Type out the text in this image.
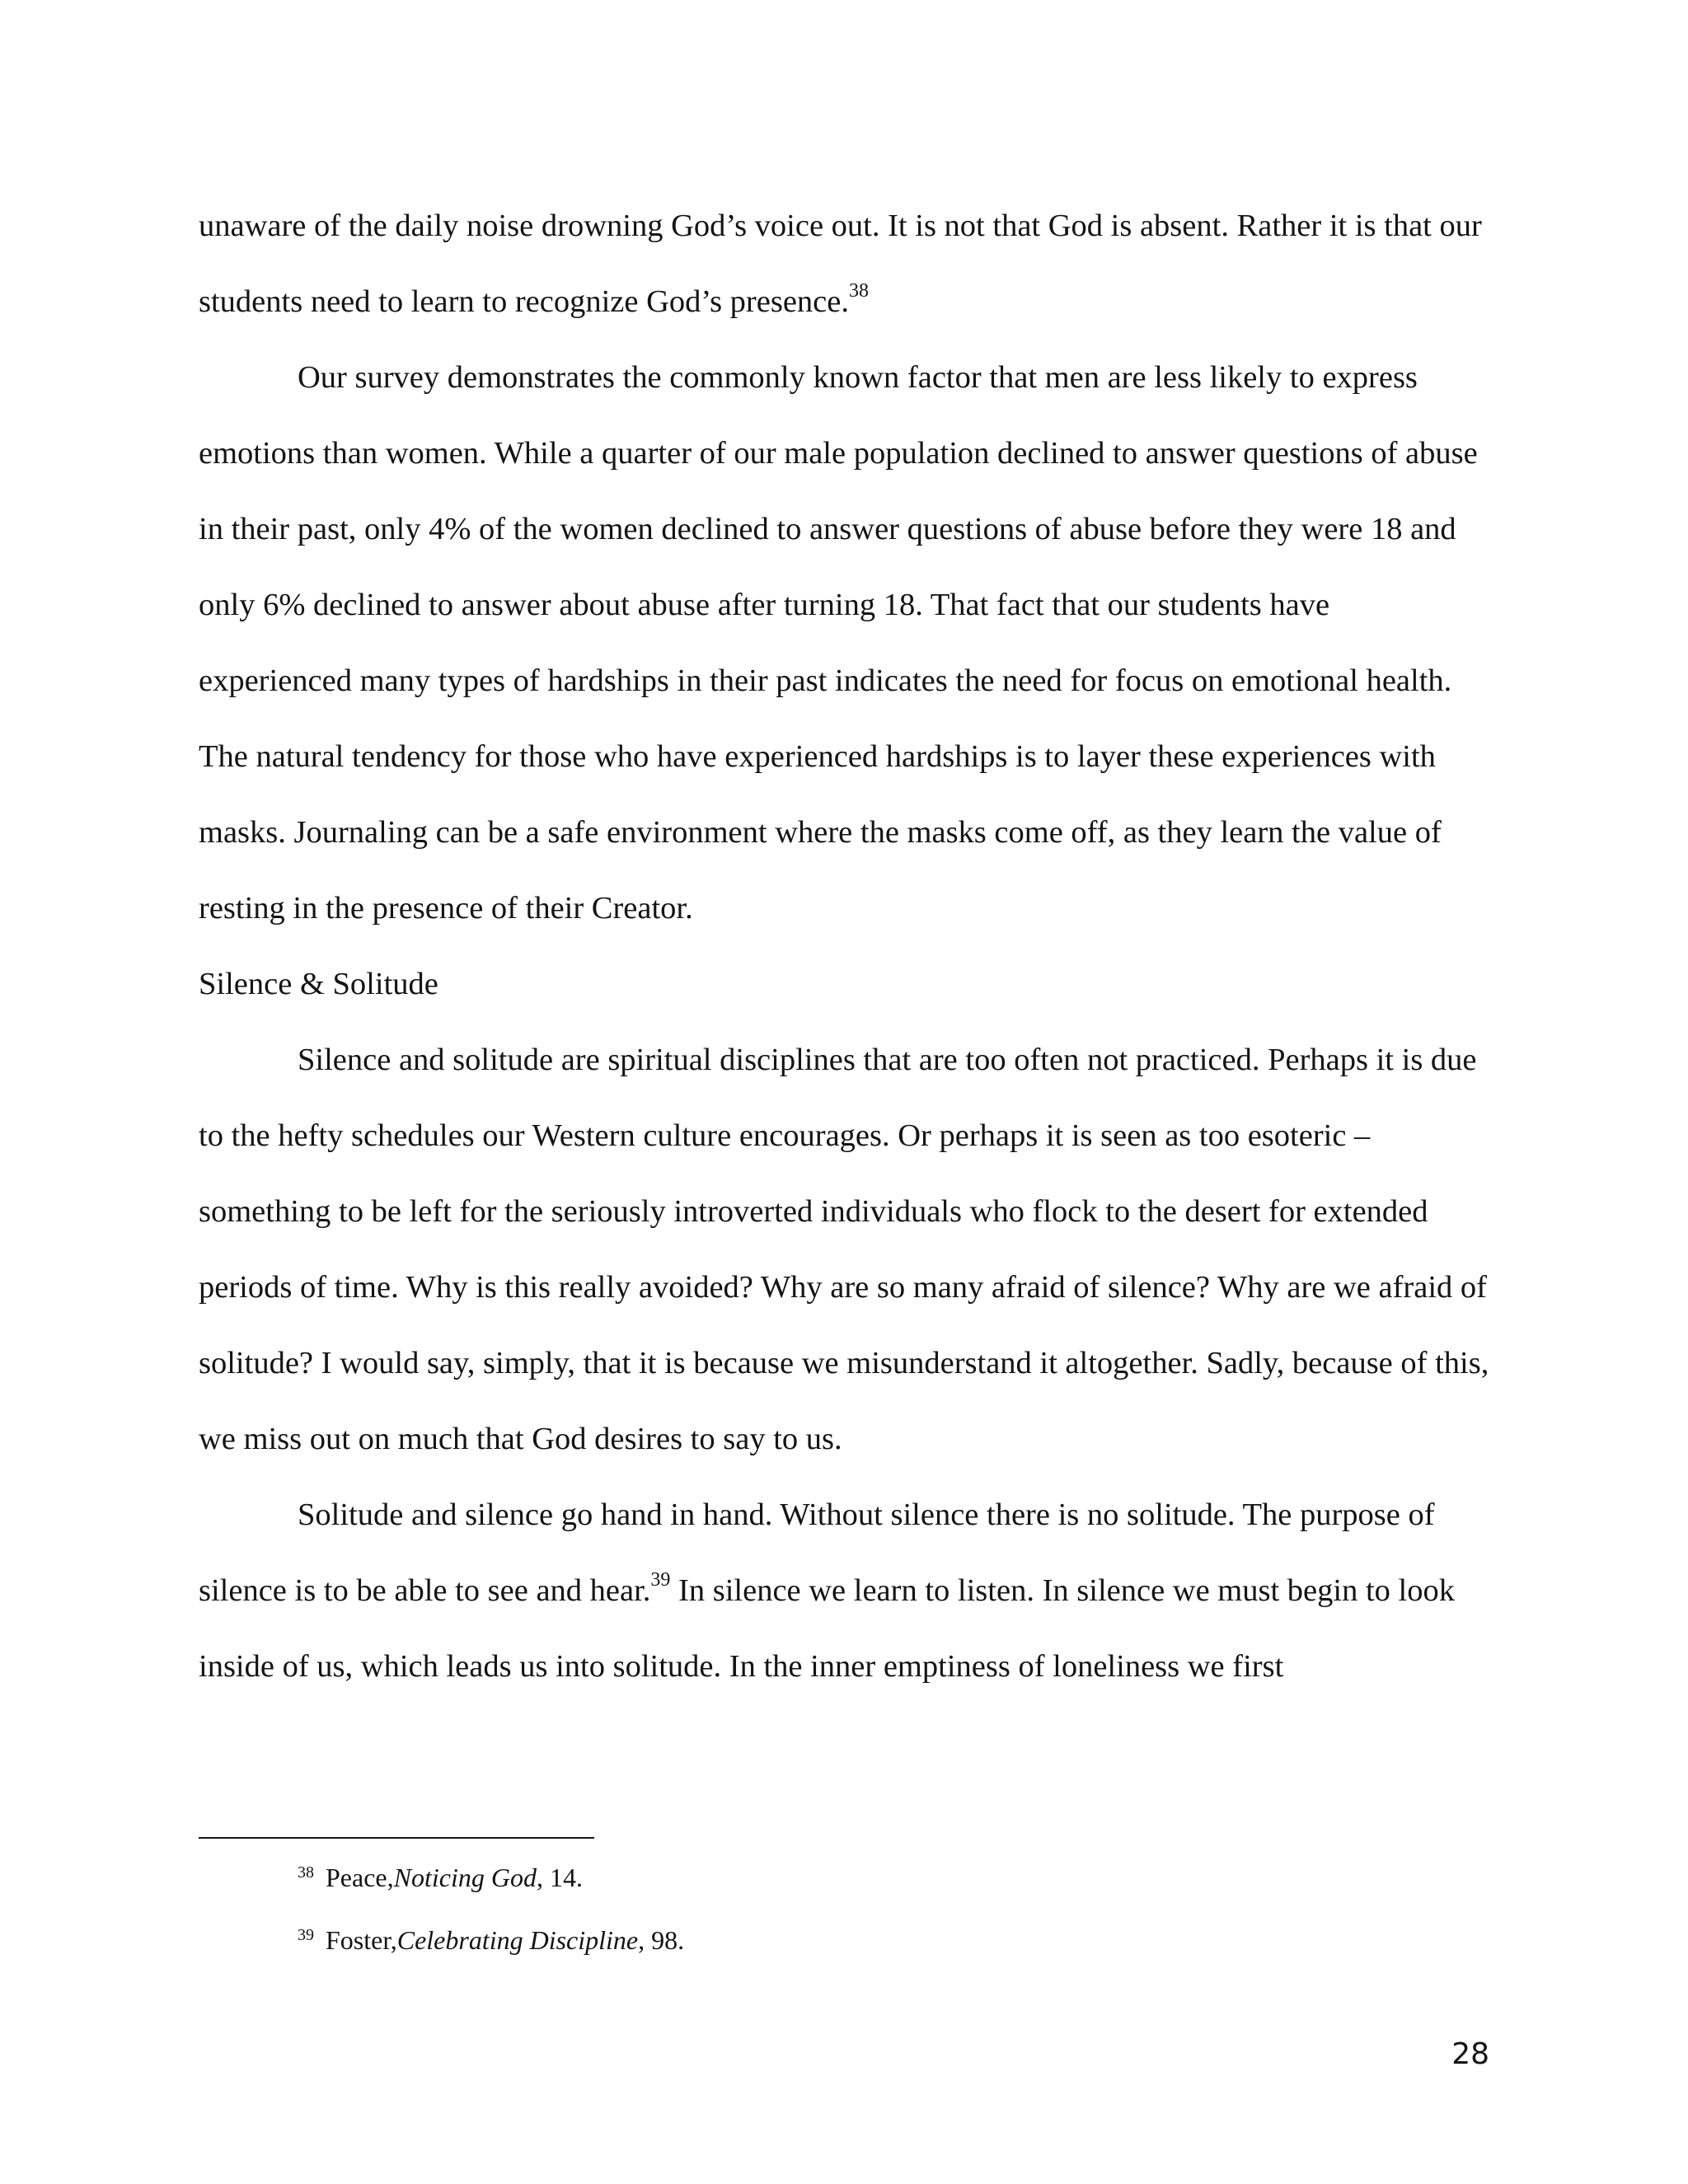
unaware of the daily noise drowning God’s voice out. It is not that God is absent. Rather it is that our students need to learn to recognize God’s presence.$^{38}$

Our survey demonstrates the commonly known factor that men are less likely to express emotions than women. While a quarter of our male population declined to answer questions of abuse in their past, only 4% of the women declined to answer questions of abuse before they were 18 and only 6% declined to answer about abuse after turning 18. That fact that our students have experienced many types of hardships in their past indicates the need for focus on emotional health. The natural tendency for those who have experienced hardships is to layer these experiences with masks. Journaling can be a safe environment where the masks come off, as they learn the value of resting in the presence of their Creator.

Silence & Solitude

Silence and solitude are spiritual disciplines that are too often not practiced. Perhaps it is due to the hefty schedules our Western culture encourages. Or perhaps it is seen as too esoteric – something to be left for the seriously introverted individuals who flock to the desert for extended periods of time. Why is this really avoided? Why are so many afraid of silence? Why are we afraid of solitude? I would say, simply, that it is because we misunderstand it altogether. Sadly, because of this, we miss out on much that God desires to say to us.

Solitude and silence go hand in hand. Without silence there is no solitude. The purpose of silence is to be able to see and hear.$^{39}$ In silence we learn to listen. In silence we must begin to look inside of us, which leads us into solitude. In the inner emptiness of loneliness we first

$^{38}$
Peace, Noticing God , 14.

$^{39}$
Foster, Celebrating Discipline , 98.

28
